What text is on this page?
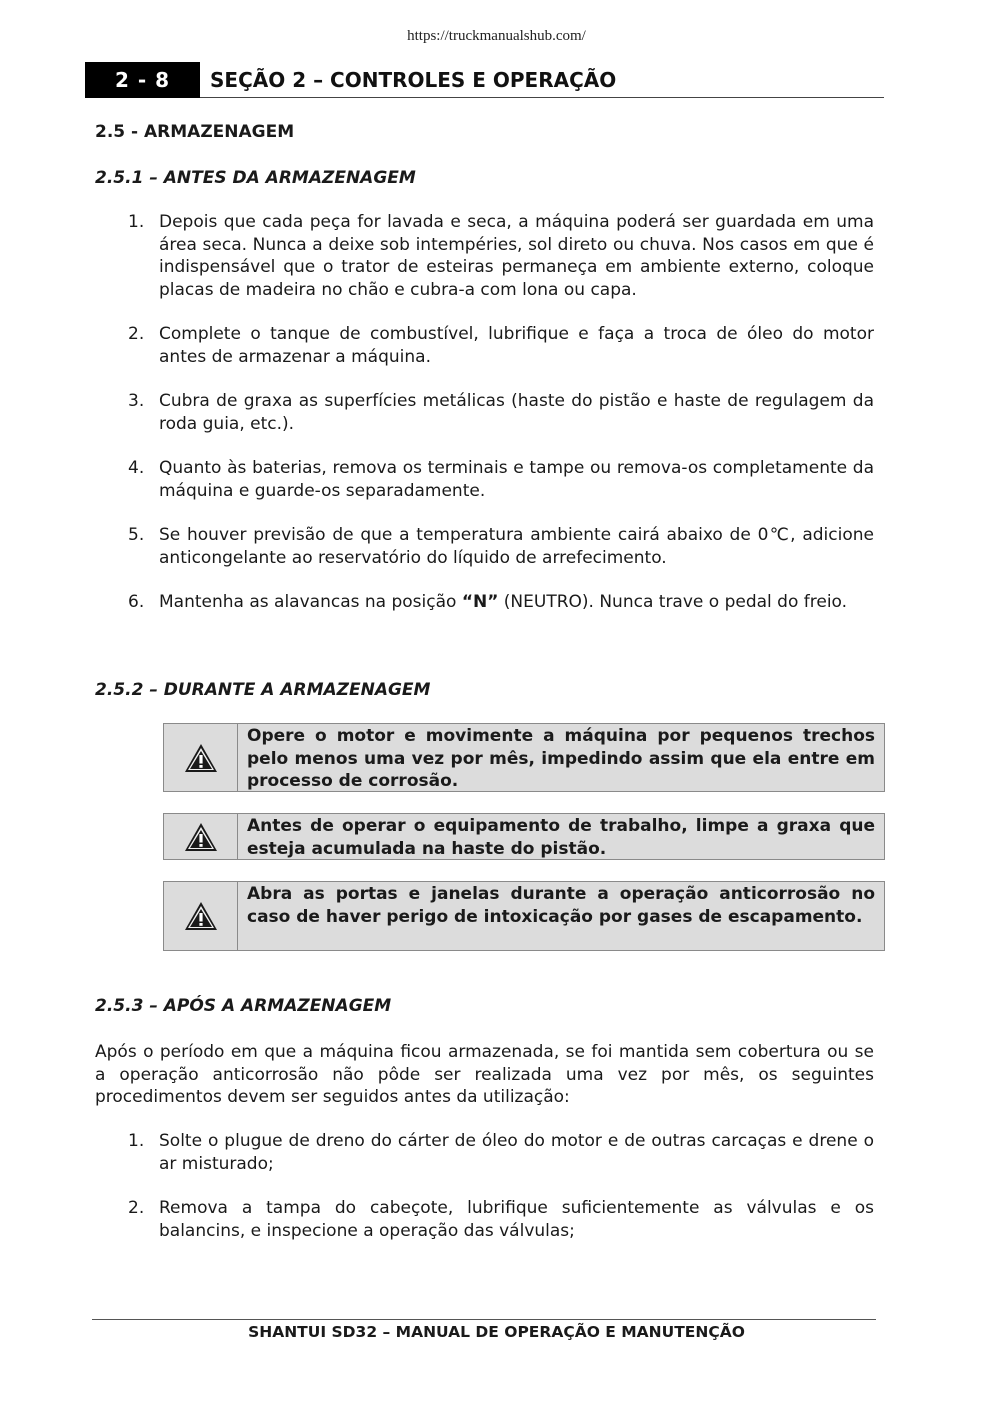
https://truckmanualshub.com/
2 - 8	SEÇÃO 2 – CONTROLES E OPERAÇÃO
2.5 - ARMAZENAGEM
2.5.1 – ANTES DA ARMAZENAGEM
1. Depois que cada peça for lavada e seca, a máquina poderá ser guardada em uma área seca. Nunca a deixe sob intempéries, sol direto ou chuva. Nos casos em que é indispensável que o trator de esteiras permaneça em ambiente externo, coloque placas de madeira no chão e cubra-a com lona ou capa.
2. Complete o tanque de combustível, lubrifique e faça a troca de óleo do motor antes de armazenar a máquina.
3. Cubra de graxa as superfícies metálicas (haste do pistão e haste de regulagem da roda guia, etc.).
4. Quanto às baterias, remova os terminais e tampe ou remova-os completamente da máquina e guarde-os separadamente.
5. Se houver previsão de que a temperatura ambiente cairá abaixo de 0℃, adicione anticongelante ao reservatório do líquido de arrefecimento.
6. Mantenha as alavancas na posição “N” (NEUTRO). Nunca trave o pedal do freio.
2.5.2 – DURANTE A ARMAZENAGEM
Opere o motor e movimente a máquina por pequenos trechos pelo menos uma vez por mês, impedindo assim que ela entre em processo de corrosão.
Antes de operar o equipamento de trabalho, limpe a graxa que esteja acumulada na haste do pistão.
Abra as portas e janelas durante a operação anticorrosão no caso de haver perigo de intoxicação por gases de escapamento.
2.5.3 – APÓS A ARMAZENAGEM
Após o período em que a máquina ficou armazenada, se foi mantida sem cobertura ou se a operação anticorrosão não pôde ser realizada uma vez por mês, os seguintes procedimentos devem ser seguidos antes da utilização:
1. Solte o plugue de dreno do cárter de óleo do motor e de outras carcaças e drene o ar misturado;
2. Remova a tampa do cabeçote, lubrifique suficientemente as válvulas e os balancins, e inspecione a operação das válvulas;
SHANTUI SD32 – MANUAL DE OPERAÇÃO E MANUTENÇÃO
